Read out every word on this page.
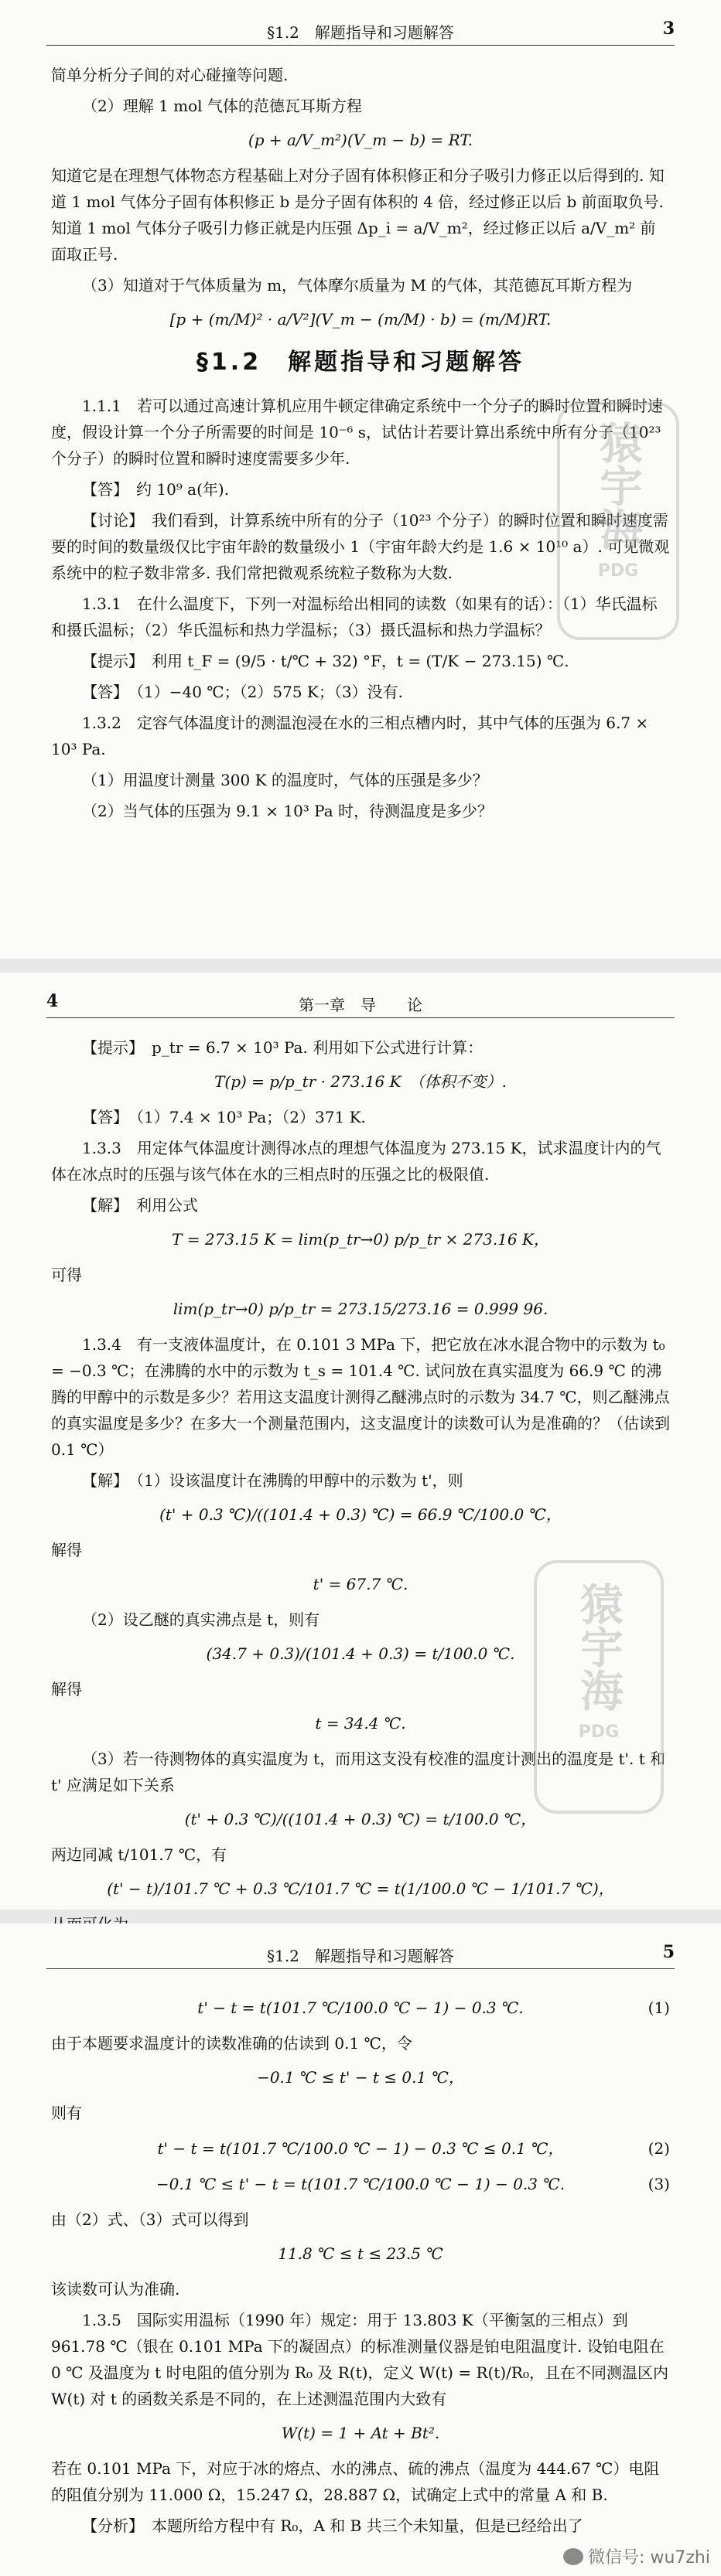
§1.2　解题指导和习题解答	3

简单分析分子间的对心碰撞等问题.

（2）理解 1 mol 气体的范德瓦耳斯方程

(p + a/V_m²)(V_m − b) = RT.

知道它是在理想气体物态方程基础上对分子固有体积修正和分子吸引力修正以后得到的. 知道 1 mol 气体分子固有体积修正 b 是分子固有体积的 4 倍，经过修正以后 b 前面取负号. 知道 1 mol 气体分子吸引力修正就是内压强 Δp_i = a/V_m²，经过修正以后 a/V_m² 前面取正号.

（3）知道对于气体质量为 m，气体摩尔质量为 M 的气体，其范德瓦耳斯方程为

[p + (m/M)² · a/V²](V_m − (m/M) · b) = (m/M)RT.

§1.2　解题指导和习题解答

1.1.1　若可以通过高速计算机应用牛顿定律确定系统中一个分子的瞬时位置和瞬时速度，假设计算一个分子所需要的时间是 10⁻⁶ s，试估计若要计算出系统中所有分子（10²³ 个分子）的瞬时位置和瞬时速度需要多少年.

【答】　约 10⁹ a(年).

【讨论】　我们看到，计算系统中所有的分子（10²³ 个分子）的瞬时位置和瞬时速度需要的时间的数量级仅比宇宙年龄的数量级小 1（宇宙年龄大约是 1.6 × 10¹⁰ a）. 可见微观系统中的粒子数非常多. 我们常把微观系统粒子数称为大数.

1.3.1　在什么温度下，下列一对温标给出相同的读数（如果有的话）：（1）华氏温标和摄氏温标；（2）华氏温标和热力学温标；（3）摄氏温标和热力学温标？

【提示】　利用 t_F = (9/5 · t/℃ + 32) °F，t = (T/K − 273.15) ℃.

【答】　（1）−40 ℃；（2）575 K；（3）没有.

1.3.2　定容气体温度计的测温泡浸在水的三相点槽内时，其中气体的压强为 6.7 × 10³ Pa.

（1）用温度计测量 300 K 的温度时，气体的压强是多少？

（2）当气体的压强为 9.1 × 10³ Pa 时，待测温度是多少？

猿宇海
PDG
4	第一章　导　　论

【提示】　p_tr = 6.7 × 10³ Pa. 利用如下公式进行计算：

T(p) = p/p_tr · 273.16 K　（体积不变）.

【答】　（1）7.4 × 10³ Pa；（2）371 K.

1.3.3　用定体气体温度计测得冰点的理想气体温度为 273.15 K，试求温度计内的气体在冰点时的压强与该气体在水的三相点时的压强之比的极限值.

【解】　利用公式

T = 273.15 K = lim(p_tr→0) p/p_tr × 273.16 K，

可得

lim(p_tr→0) p/p_tr = 273.15/273.16 = 0.999 96.

1.3.4　有一支液体温度计，在 0.101 3 MPa 下，把它放在冰水混合物中的示数为 t₀ = −0.3 ℃；在沸腾的水中的示数为 t_s = 101.4 ℃. 试问放在真实温度为 66.9 ℃ 的沸腾的甲醇中的示数是多少？若用这支温度计测得乙醚沸点时的示数为 34.7 ℃，则乙醚沸点的真实温度是多少？在多大一个测量范围内，这支温度计的读数可认为是准确的？（估读到 0.1 ℃）

【解】　（1）设该温度计在沸腾的甲醇中的示数为 t'，则

(t' + 0.3 ℃)/((101.4 + 0.3) ℃) = 66.9 ℃/100.0 ℃，

解得

t' = 67.7 ℃.

（2）设乙醚的真实沸点是 t，则有

(34.7 + 0.3)/(101.4 + 0.3) = t/100.0 ℃.

解得

t = 34.4 ℃.

（3）若一待测物体的真实温度为 t，而用这支没有校准的温度计测出的温度是 t'. t 和 t' 应满足如下关系

(t' + 0.3 ℃)/((101.4 + 0.3) ℃) = t/100.0 ℃，

两边同减 t/101.7 ℃，有

(t' − t)/101.7 ℃ + 0.3 ℃/101.7 ℃ = t(1/100.0 ℃ − 1/101.7 ℃)，

猿宇海
PDG
§1.2　解题指导和习题解答	5

t' − t = t(101.7 ℃/100.0 ℃ − 1) − 0.3 ℃.	(1)

由于本题要求温度计的读数准确的估读到 0.1 ℃，令

−0.1 ℃ ≤ t' − t ≤ 0.1 ℃，

则有

t' − t = t(101.7 ℃/100.0 ℃ − 1) − 0.3 ℃ ≤ 0.1 ℃，	(2)

−0.1 ℃ ≤ t' − t = t(101.7 ℃/100.0 ℃ − 1) − 0.3 ℃.	(3)

由（2）式、（3）式可以得到

11.8 ℃ ≤ t ≤ 23.5 ℃

该读数可认为准确.

1.3.5　国际实用温标（1990 年）规定：用于 13.803 K（平衡氢的三相点）到 961.78 ℃（银在 0.101 MPa 下的凝固点）的标准测量仪器是铂电阻温度计. 设铂电阻在 0 ℃ 及温度为 t 时电阻的值分别为 R₀ 及 R(t)，定义 W(t) = R(t)/R₀，且在不同测温区内 W(t) 对 t 的函数关系是不同的，在上述测温范围内大致有

W(t) = 1 + At + Bt².

若在 0.101 MPa 下，对应于冰的熔点、水的沸点、硫的沸点（温度为 444.67 ℃）电阻的阻值分别为 11.000 Ω，15.247 Ω，28.887 Ω，试确定上式中的常量 A 和 B.

【分析】　本题所给方程中有 R₀，A 和 B 共三个未知量，但是已经给出了

微信号: wu7zhi
